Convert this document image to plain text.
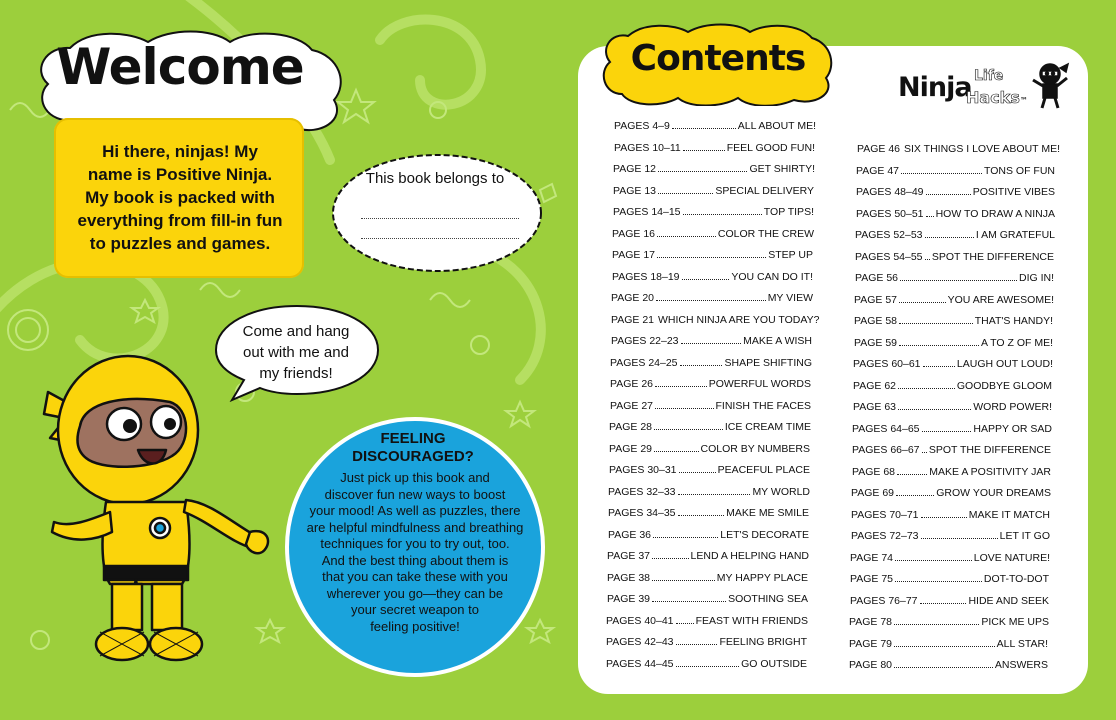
Welcome
Hi there, ninjas! My
name is Positive Ninja.
My book is packed with
everything from fill-in fun
to puzzles and games.
This book belongs to
Come and hang
out with me and
my friends!
FEELING
DISCOURAGED?
Just pick up this book and
discover fun new ways to boost
your mood! As well as puzzles, there
are helpful mindfulness and breathing
techniques for you to try out, too.
And the best thing about them is
that you can take these with you
wherever you go—they can be
your secret weapon to
feeling positive!
Contents
Ninja Life
Hacks™
PAGES 4–9	ALL ABOUT ME!
PAGES 10–11	FEEL GOOD FUN!
PAGE 12	GET SHIRTY!
PAGE 13	SPECIAL DELIVERY
PAGES 14–15	TOP TIPS!
PAGE 16	COLOR THE CREW
PAGE 17	STEP UP
PAGES 18–19	YOU CAN DO IT!
PAGE 20	MY VIEW
PAGE 21 WHICH NINJA ARE YOU TODAY?
PAGES 22–23	MAKE A WISH
PAGES 24–25	SHAPE SHIFTING
PAGE 26	POWERFUL WORDS
PAGE 27	FINISH THE FACES
PAGE 28	ICE CREAM TIME
PAGE 29	COLOR BY NUMBERS
PAGES 30–31	PEACEFUL PLACE
PAGES 32–33	MY WORLD
PAGES 34–35	MAKE ME SMILE
PAGE 36	LET'S DECORATE
PAGE 37	LEND A HELPING HAND
PAGE 38	MY HAPPY PLACE
PAGE 39	SOOTHING SEA
PAGES 40–41 FEAST WITH FRIENDS
PAGES 42–43	FEELING BRIGHT
PAGES 44–45	GO OUTSIDE
PAGE 46 SIX THINGS I LOVE ABOUT ME!
PAGE 47	TONS OF FUN
PAGES 48–49	POSITIVE VIBES
PAGES 50–51 HOW TO DRAW A NINJA
PAGES 52–53	I AM GRATEFUL
PAGES 54–55 SPOT THE DIFFERENCE
PAGE 56	DIG IN!
PAGE 57	YOU ARE AWESOME!
PAGE 58	THAT'S HANDY!
PAGE 59	A TO Z OF ME!
PAGES 60–61	LAUGH OUT LOUD!
PAGE 62	GOODBYE GLOOM
PAGE 63	WORD POWER!
PAGES 64–65	HAPPY OR SAD
PAGES 66–67 SPOT THE DIFFERENCE
PAGE 68	MAKE A POSITIVITY JAR
PAGE 69	GROW YOUR DREAMS
PAGES 70–71	MAKE IT MATCH
PAGES 72–73	LET IT GO
PAGE 74	LOVE NATURE!
PAGE 75	DOT-TO-DOT
PAGES 76–77	HIDE AND SEEK
PAGE 78	PICK ME UPS
PAGE 79	ALL STAR!
PAGE 80	ANSWERS
